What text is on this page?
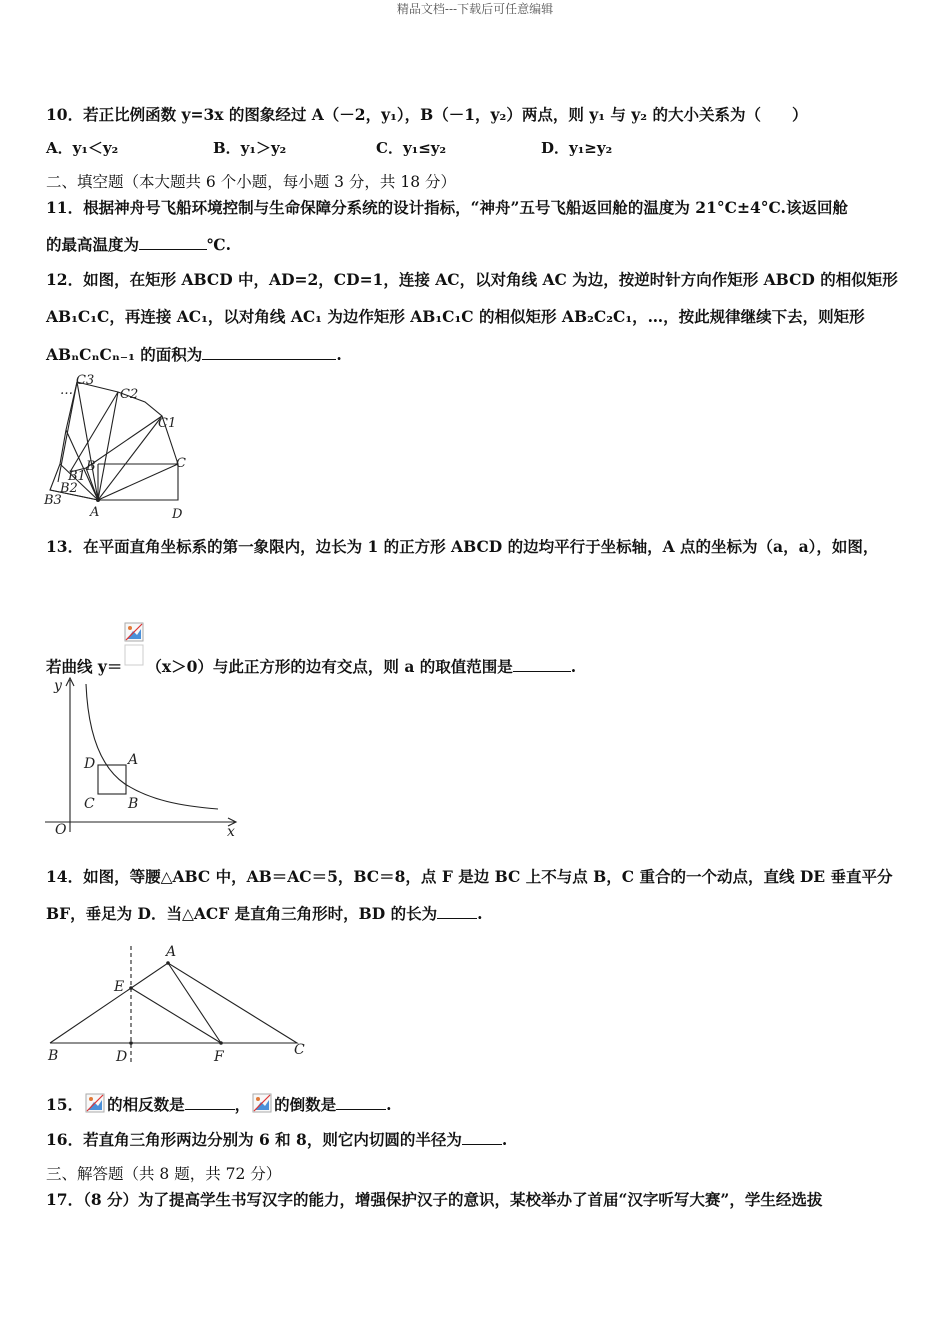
精品文档---下载后可任意编辑
10．若正比例函数 y=3x 的图象经过 A（－2，y₁），B（－1，y₂）两点，则 y₁ 与 y₂ 的大小关系为（　　）
A．y₁＜y₂	B．y₁＞y₂	C．y₁≤y₂	D．y₁≥y₂
二、填空题（本大题共 6 个小题，每小题 3 分，共 18 分）
11．根据神舟号飞船环境控制与生命保障分系统的设计指标，“神舟”五号飞船返回舱的温度为 21°C±4°C.该返回舱
的最高温度为	℃.
12．如图，在矩形 ABCD 中，AD=2，CD=1，连接 AC，以对角线 AC 为边，按逆时针方向作矩形 ABCD 的相似矩形
AB₁C₁C，再连接 AC₁，以对角线 AC₁ 为边作矩形 AB₁C₁C 的相似矩形 AB₂C₂C₁，…，按此规律继续下去，则矩形
ABₙCₙCₙ₋₁ 的面积为	.
C3
C2
C1
C
B
B1
B2
B3
A	D
…
13．在平面直角坐标系的第一象限内，边长为 1 的正方形 ABCD 的边均平行于坐标轴，A 点的坐标为（a，a），如图，
若曲线 y＝ （x＞0）与此正方形的边有交点，则 a 的取值范围是	.
y
x
O
D A
C B
14．如图，等腰△ABC 中，AB＝AC＝5，BC＝8，点 F 是边 BC 上不与点 B，C 重合的一个动点，直线 DE 垂直平分
BF，垂足为 D．当△ACF 是直角三角形时，BD 的长为	.
A
E
B	D	F	C
15． 的相反数是	， 的倒数是	.
16．若直角三角形两边分别为 6 和 8，则它内切圆的半径为	.
三、解答题（共 8 题，共 72 分）
17．（8 分）为了提高学生书写汉字的能力，增强保护汉子的意识，某校举办了首届“汉字听写大赛”，学生经选拔
